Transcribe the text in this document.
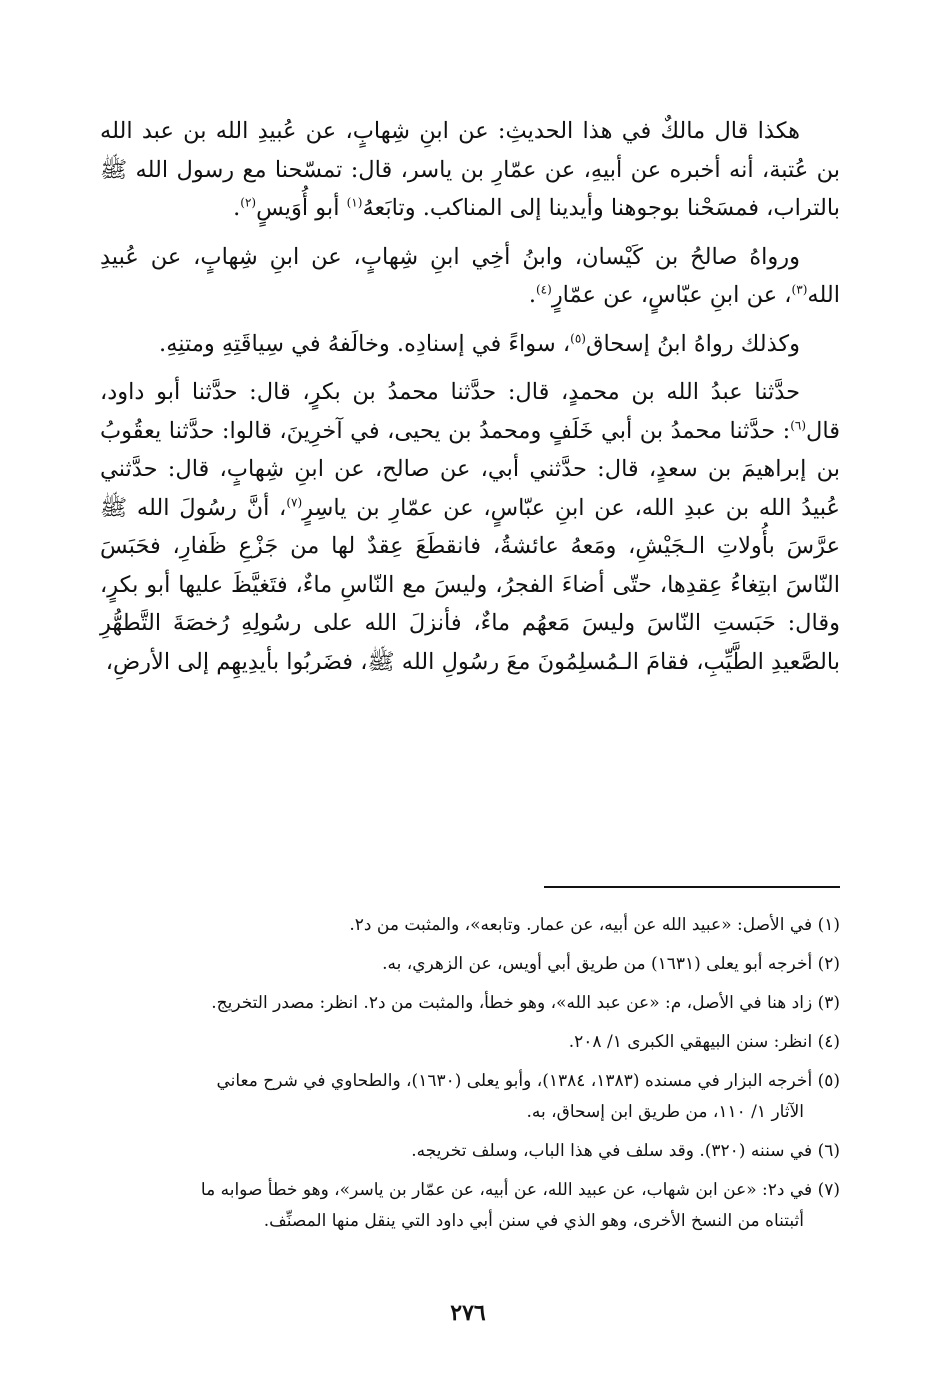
هكذا قال مالكٌ في هذا الحديثِ: عن ابنِ شِهابٍ، عن عُبيدِ الله بن عبد الله بن عُتبة، أنه أخبره عن أبيهِ، عن عمّارِ بن ياسر، قال: تمسّحنا مع رسول الله ﷺ بالتراب، فمسَحْنا بوجوهنا وأيدينا إلى المناكب. وتابَعهُ$^{(١)}$ أبو أُوَيسٍ$^{(٢)}$.

ورواهُ صالحُ بن كَيْسان، وابنُ أخِي ابنِ شِهابٍ، عن ابنِ شِهابٍ، عن عُبيدِ الله$^{(٣)}$، عن ابنِ عبّاسٍ، عن عمّارٍ$^{(٤)}$.

وكذلك رواهُ ابنُ إسحاق$^{(٥)}$، سواءً في إسنادِه. وخالَفهُ في سِياقَتِهِ ومتنِهِ.

حدَّثنا عبدُ الله بن محمدٍ، قال: حدَّثنا محمدُ بن بكرٍ، قال: حدَّثنا أبو داود، قال$^{(٦)}$: حدَّثنا محمدُ بن أبي خَلَفٍ ومحمدُ بن يحيى، في آخرِينَ، قالوا: حدَّثنا يعقُوبُ بن إبراهيمَ بن سعدٍ، قال: حدَّثني أبي، عن صالح، عن ابنِ شِهابٍ، قال: حدَّثني عُبيدُ الله بن عبدِ الله، عن ابنِ عبّاسٍ، عن عمّارِ بن ياسِرٍ$^{(٧)}$، أنَّ رسُولَ الله ﷺ عرَّسَ بأُولاتِ الـجَيْشِ، ومَعهُ عائشةُ، فانقطَعَ عِقدٌ لها من جَزْعِ ظَفارِ، فحَبَسَ النّاسَ ابتِغاءُ عِقدِها، حتّى أضاءَ الفجرُ، وليسَ مع النّاسِ ماءٌ، فتَغيَّظَ عليها أبو بكرٍ، وقال: حَبَستِ النّاسَ وليسَ مَعهُم ماءٌ، فأنزلَ الله على رسُولِهِ رُخصَةَ التَّطهُّرِ بالصَّعيدِ الطَّيِّبِ، فقامَ الـمُسلِمُونَ معَ رسُولِ الله ﷺ، فضَربُوا بأيدِيهِم إلى الأرضِ،

(١) في الأصل: «عبيد الله عن أبيه، عن عمار. وتابعه»، والمثبت من د٢.

(٢) أخرجه أبو يعلى (١٦٣١) من طريق أبي أويس، عن الزهري، به.

(٣) زاد هنا في الأصل، م: «عن عبد الله»، وهو خطأ، والمثبت من د٢. انظر: مصدر التخريج.

(٤) انظر: سنن البيهقي الكبرى ١/ ٢٠٨.

(٥) أخرجه البزار في مسنده (١٣٨٣، ١٣٨٤)، وأبو يعلى (١٦٣٠)، والطحاوي في شرح معاني

الآثار ١/ ١١٠، من طريق ابن إسحاق، به.

(٦) في سننه (٣٢٠). وقد سلف في هذا الباب، وسلف تخريجه.

(٧) في د٢: «عن ابن شهاب، عن عبيد الله، عن أبيه، عن عمّار بن ياسر»، وهو خطأ صوابه ما

أثبتناه من النسخ الأخرى، وهو الذي في سنن أبي داود التي ينقل منها المصنِّف.

٢٧٦
